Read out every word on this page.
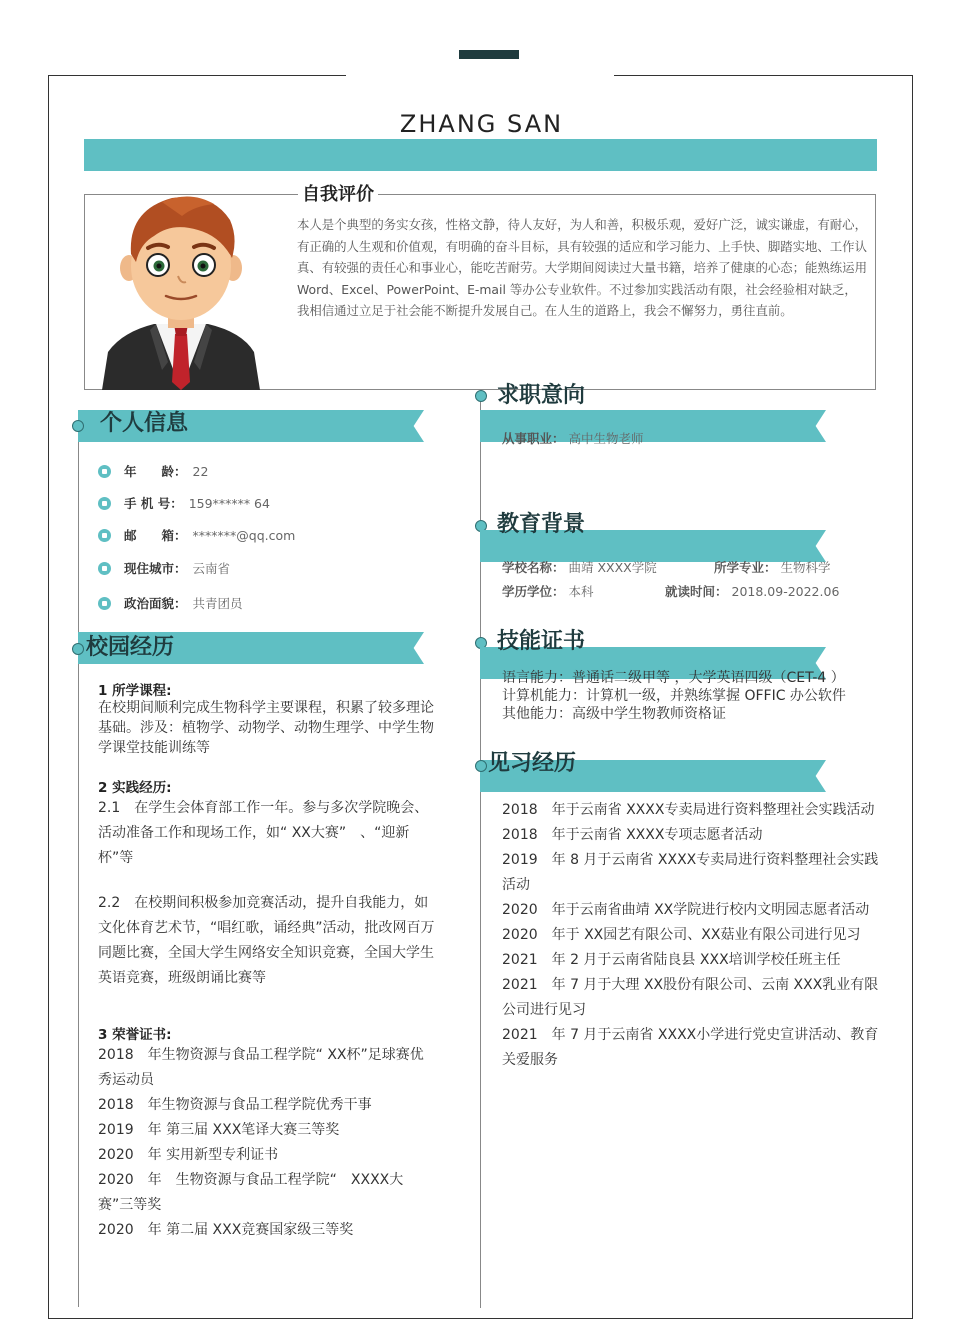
ZHANG SAN
自我评价

本人是个典型的务实女孩，性格文静，待人友好，为人和善，积极乐观，爱好广泛，诚实谦虚，有耐心，有正确的人生观和价值观，有明确的奋斗目标，具有较强的适应和学习能力、上手快、脚踏实地、工作认真、有较强的责任心和事业心，能吃苦耐劳。大学期间阅读过大量书籍，培养了健康的心态；能熟练运用 Word、Excel、PowerPoint、E-mail 等办公专业软件。不过参加实践活动有限，社会经验相对缺乏，我相信通过立足于社会能不断提升发展自己。在人生的道路上，我会不懈努力，勇往直前。

个人信息
年　　龄： 22
手 机 号： 159****** 64
邮　　箱： *******@qq.com
现住城市： 云南省
政治面貌： 共青团员
校园经历
1 所学课程:

在校期间顺利完成生物科学主要课程，积累了较多理论基础。涉及：植物学、动物学、动物生理学、中学生物学课堂技能训练等

2 实践经历:

2.1　在学生会体育部工作一年。参与多次学院晚会、活动准备工作和现场工作，如“ XX大赛”　、“迎新杯”等

2.2　在校期间积极参加竞赛活动，提升自我能力，如文化体育艺术节，“唱红歌，诵经典”活动，批改网百万同题比赛，全国大学生网络安全知识竞赛，全国大学生英语竞赛，班级朗诵比赛等

3 荣誉证书:
2018　年生物资源与食品工程学院“ XX杯”足球赛优秀运动员
2018　年生物资源与食品工程学院优秀干事
2019　年 第三届 XXX笔译大赛三等奖
2020　年 实用新型专利证书
2020　年　生物资源与食品工程学院“　XXXX大赛”三等奖
2020　年 第二届 XXX竞赛国家级三等奖
求职意向
从事职业： 高中生物老师
教育背景
学校名称： 曲靖 XXXX学院	所学专业： 生物科学
学历学位： 本科	就读时间： 2018.09-2022.06
技能证书
语言能力：普通话二级甲等 ，大学英语四级（CET-4 ）
计算机能力：计算机一级，并熟练掌握 OFFIC 办公软件
其他能力：高级中学生物教师资格证
见习经历
2018　年于云南省 XXXX专卖局进行资料整理社会实践活动
2018　年于云南省 XXXX专项志愿者活动
2019　年 8 月于云南省 XXXX专卖局进行资料整理社会实践活动
2020　年于云南省曲靖 XX学院进行校内文明园志愿者活动
2020　年于 XX园艺有限公司、XX菇业有限公司进行见习
2021　年 2 月于云南省陆良县 XXX培训学校任班主任
2021　年 7 月于大理 XX股份有限公司、云南 XXX乳业有限公司进行见习
2021　年 7 月于云南省 XXXX小学进行党史宣讲活动、教育关爱服务
